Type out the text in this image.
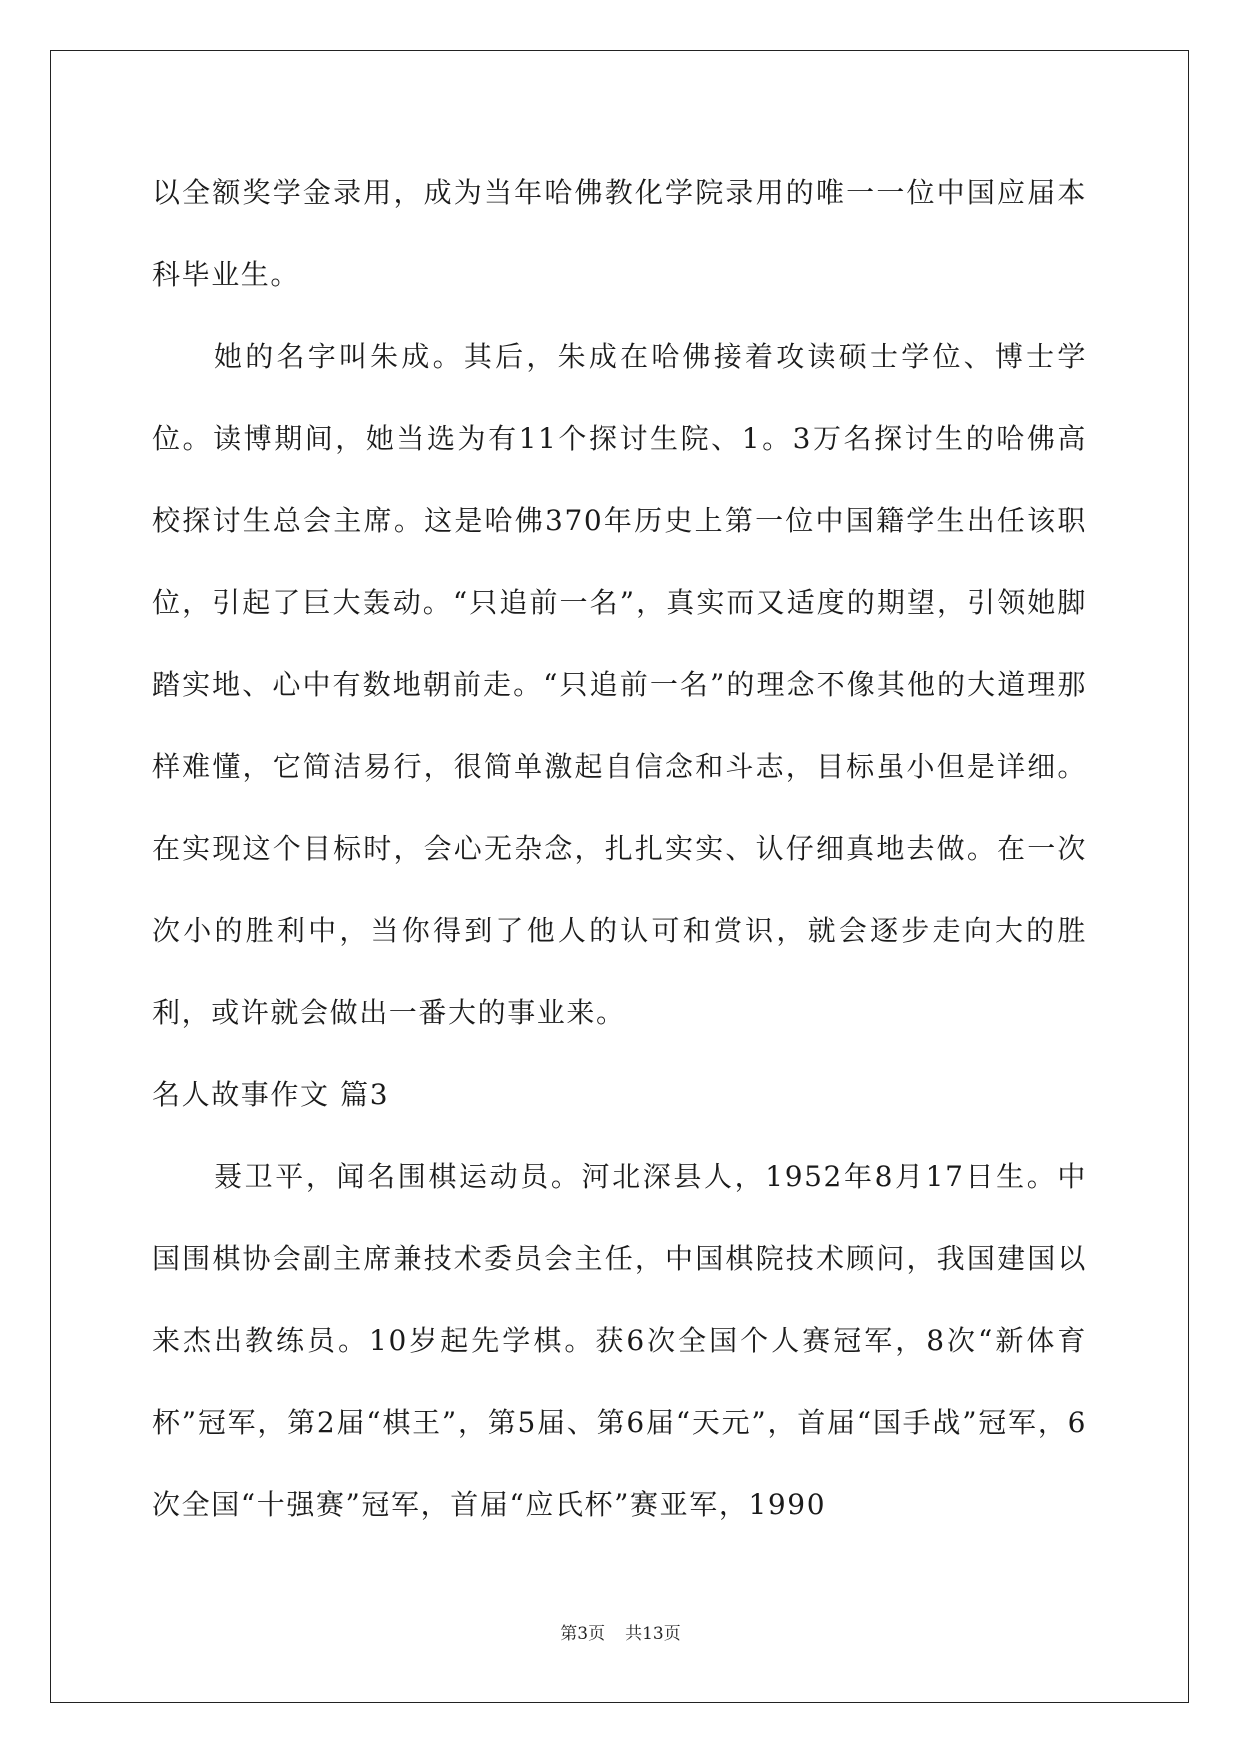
以全额奖学金录用，成为当年哈佛教化学院录用的唯一一位中国应届本科毕业生。

她的名字叫朱成。其后，朱成在哈佛接着攻读硕士学位、博士学位。读博期间，她当选为有11个探讨生院、1。3万名探讨生的哈佛高校探讨生总会主席。这是哈佛370年历史上第一位中国籍学生出任该职位，引起了巨大轰动。“只追前一名”，真实而又适度的期望，引领她脚踏实地、心中有数地朝前走。“只追前一名”的理念不像其他的大道理那样难懂，它简洁易行，很简单激起自信念和斗志，目标虽小但是详细。在实现这个目标时，会心无杂念，扎扎实实、认仔细真地去做。在一次次小的胜利中，当你得到了他人的认可和赏识，就会逐步走向大的胜利，或许就会做出一番大的事业来。

名人故事作文 篇3

聂卫平，闻名围棋运动员。河北深县人，1952年8月17日生。中国围棋协会副主席兼技术委员会主任，中国棋院技术顾问，我国建国以来杰出教练员。10岁起先学棋。获6次全国个人赛冠军，8次“新体育杯”冠军，第2届“棋王”，第5届、第6届“天元”，首届“国手战”冠军，6次全国“十强赛”冠军，首届“应氏杯”赛亚军，1990

第3页 共13页
